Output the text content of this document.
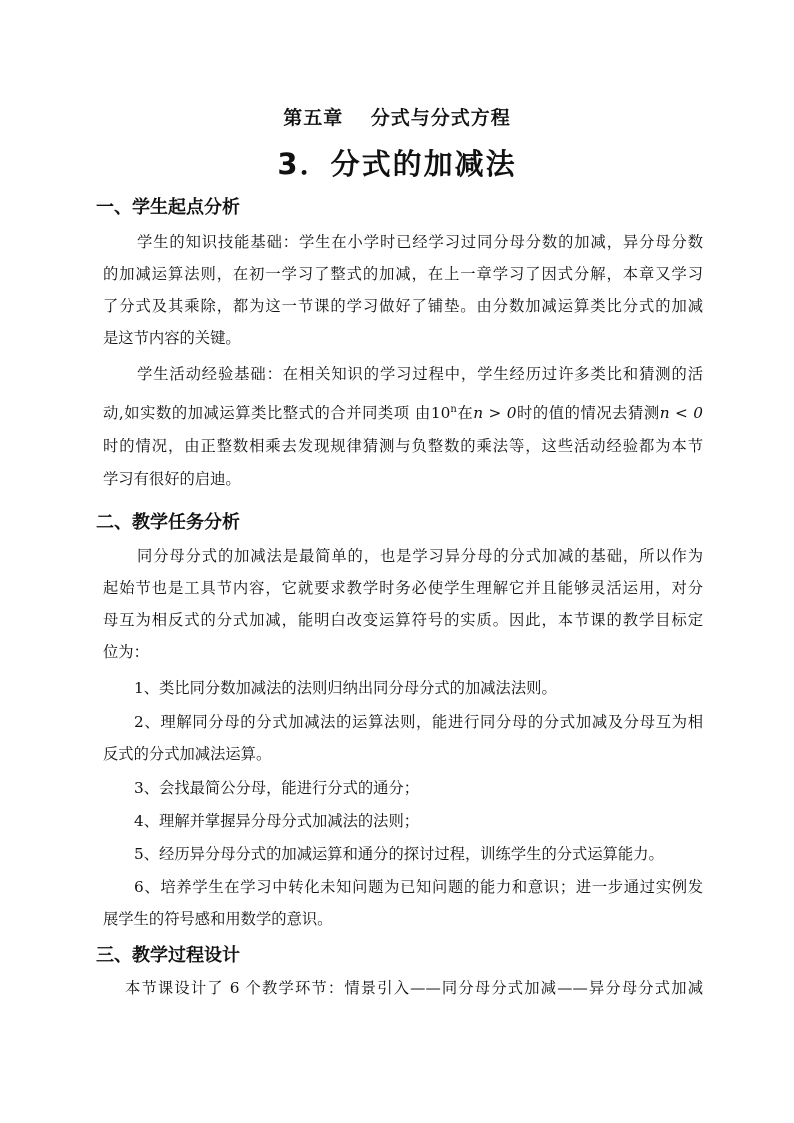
第五章　 分式与分式方程
3．分式的加减法
一、学生起点分析
学生的知识技能基础：学生在小学时已经学习过同分母分数的加减，异分母分数
的加减运算法则，在初一学习了整式的加减，在上一章学习了因式分解，本章又学习
了分式及其乘除，都为这一节课的学习做好了铺垫。由分数加减运算类比分式的加减
是这节内容的关键。
学生活动经验基础：在相关知识的学习过程中，学生经历过许多类比和猜测的活
动,如实数的加减运算类比整式的合并同类项 由10$^n$在n > 0时的值的情况去猜测n < 0
时的情况，由正整数相乘去发现规律猜测与负整数的乘法等，这些活动经验都为本节
学习有很好的启迪。
二、教学任务分析
同分母分式的加减法是最简单的，也是学习异分母的分式加减的基础，所以作为
起始节也是工具节内容，它就要求教学时务必使学生理解它并且能够灵活运用，对分
母互为相反式的分式加减，能明白改变运算符号的实质。因此，本节课的教学目标定
位为：
1、类比同分数加减法的法则归纳出同分母分式的加减法法则。
2、理解同分母的分式加减法的运算法则，能进行同分母的分式加减及分母互为相
反式的分式加减法运算。
3、会找最简公分母，能进行分式的通分；
4、理解并掌握异分母分式加减法的法则；
5、经历异分母分式的加减运算和通分的探讨过程，训练学生的分式运算能力。
6、培养学生在学习中转化未知问题为已知问题的能力和意识；进一步通过实例发
展学生的符号感和用数学的意识。
三、教学过程设计
本节课设计了 6 个教学环节：情景引入——同分母分式加减——异分母分式加减
